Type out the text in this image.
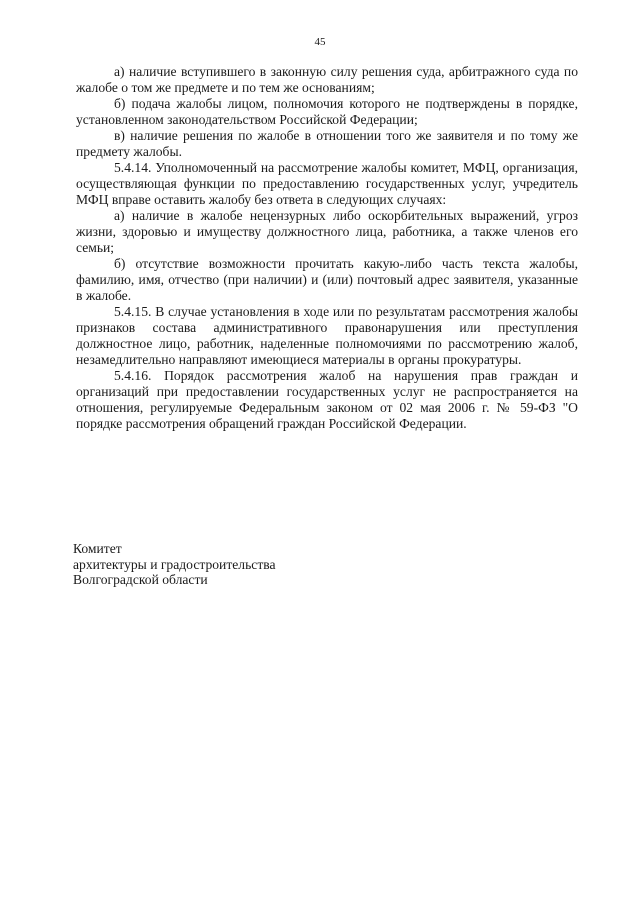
45

а) наличие вступившего в законную силу решения суда, арбитражного суда по жалобе о том же предмете и по тем же основаниям;

б) подача жалобы лицом, полномочия которого не подтверждены в порядке, установленном законодательством Российской Федерации;

в) наличие решения по жалобе в отношении того же заявителя и по тому же предмету жалобы.

5.4.14. Уполномоченный на рассмотрение жалобы комитет, МФЦ, организация, осуществляющая функции по предоставлению государственных услуг, учредитель МФЦ вправе оставить жалобу без ответа в следующих случаях:

а) наличие в жалобе нецензурных либо оскорбительных выражений, угроз жизни, здоровью и имуществу должностного лица, работника, а также членов его семьи;

б) отсутствие возможности прочитать какую-либо часть текста жалобы, фамилию, имя, отчество (при наличии) и (или) почтовый адрес заявителя, указанные в жалобе.

5.4.15. В случае установления в ходе или по результатам рассмотрения жалобы признаков состава административного правонарушения или преступления должностное лицо, работник, наделенные полномочиями по рассмотрению жалоб, незамедлительно направляют имеющиеся материалы в органы прокуратуры.

5.4.16. Порядок рассмотрения жалоб на нарушения прав граждан и организаций при предоставлении государственных услуг не распространяется на отношения, регулируемые Федеральным законом от 02 мая 2006 г. № 59-ФЗ "О порядке рассмотрения обращений граждан Российской Федерации.

Комитет
архитектуры и градостроительства
Волгоградской области
